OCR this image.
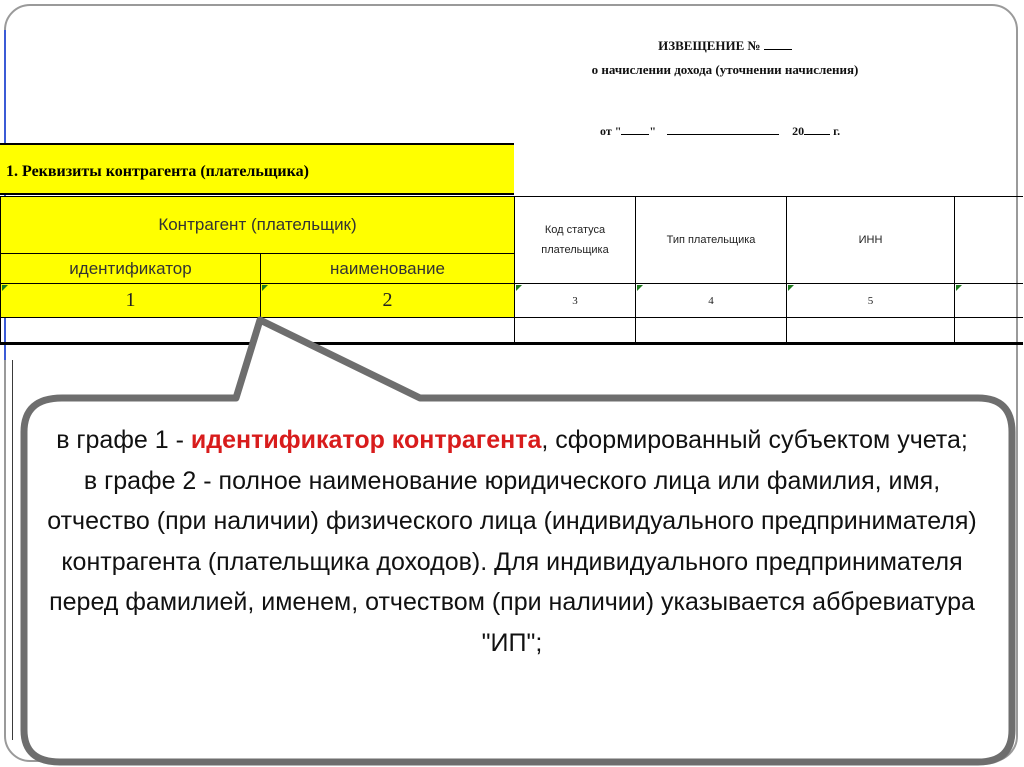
ИЗВЕЩЕНИЕ №
о начислении дохода (уточнении начисления)
от " "	20 г.
1. Реквизиты контрагента (плательщика)
Контрагент (плательщик)		Код статуса плательщика	Тип плательщика	ИНН	
идентификатор	наименование				
1	2	3	4	5	

в графе 1 - идентификатор контрагента, сформированный субъектом учета;
в графе 2 - полное наименование юридического лица или фамилия, имя, отчество (при наличии) физического лица (индивидуального предпринимателя) контрагента (плательщика доходов). Для индивидуального предпринимателя перед фамилией, именем, отчеством (при наличии) указывается аббревиатура "ИП";
